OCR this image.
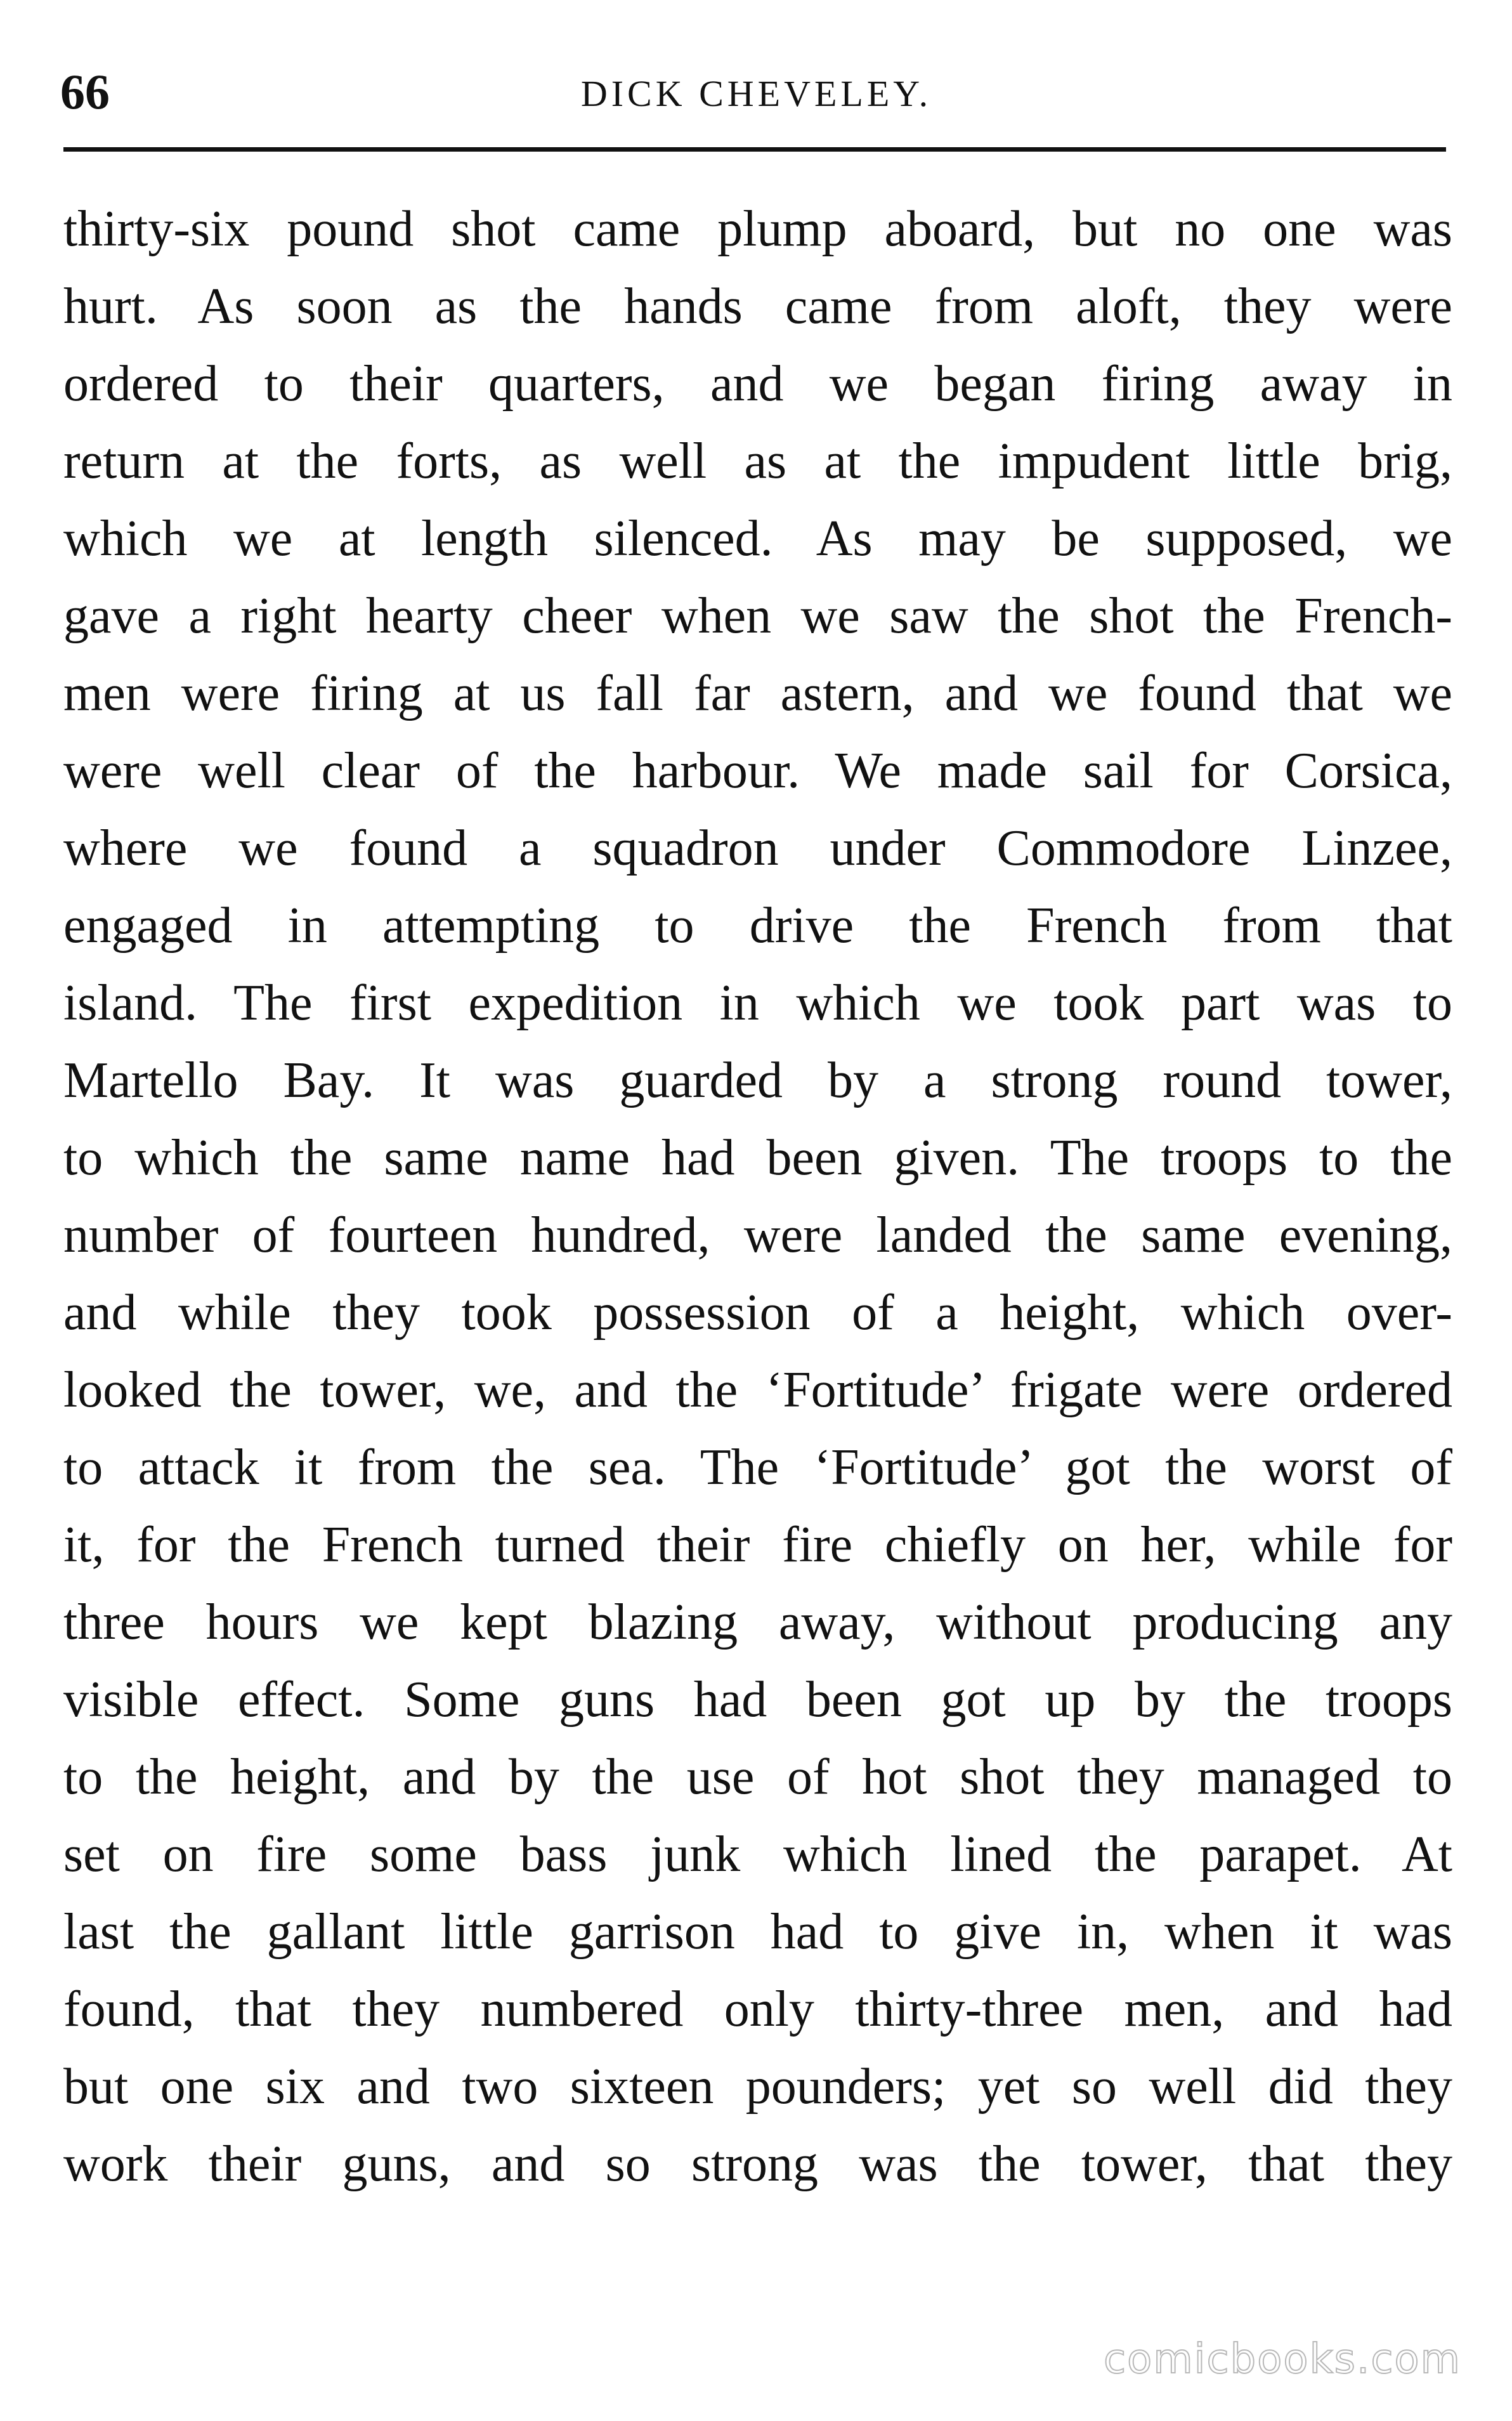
66	DICK CHEVELEY.
thirty-six pound shot came plump aboard, but no one was
hurt. As soon as the hands came from aloft, they were
ordered to their quarters, and we began firing away in
return at the forts, as well as at the impudent little brig,
which we at length silenced. As may be supposed, we
gave a right hearty cheer when we saw the shot the French-
men were firing at us fall far astern, and we found that we
were well clear of the harbour. We made sail for Corsica,
where we found a squadron under Commodore Linzee,
engaged in attempting to drive the French from that
island. The first expedition in which we took part was to
Martello Bay. It was guarded by a strong round tower,
to which the same name had been given. The troops to the
number of fourteen hundred, were landed the same evening,
and while they took possession of a height, which over-
looked the tower, we, and the ‘Fortitude’ frigate were ordered
to attack it from the sea. The ‘Fortitude’ got the worst of
it, for the French turned their fire chiefly on her, while for
three hours we kept blazing away, without producing any
visible effect. Some guns had been got up by the troops
to the height, and by the use of hot shot they managed to
set on fire some bass junk which lined the parapet. At
last the gallant little garrison had to give in, when it was
found, that they numbered only thirty-three men, and had
but one six and two sixteen pounders; yet so well did they
work their guns, and so strong was the tower, that they
comicbooks.com
